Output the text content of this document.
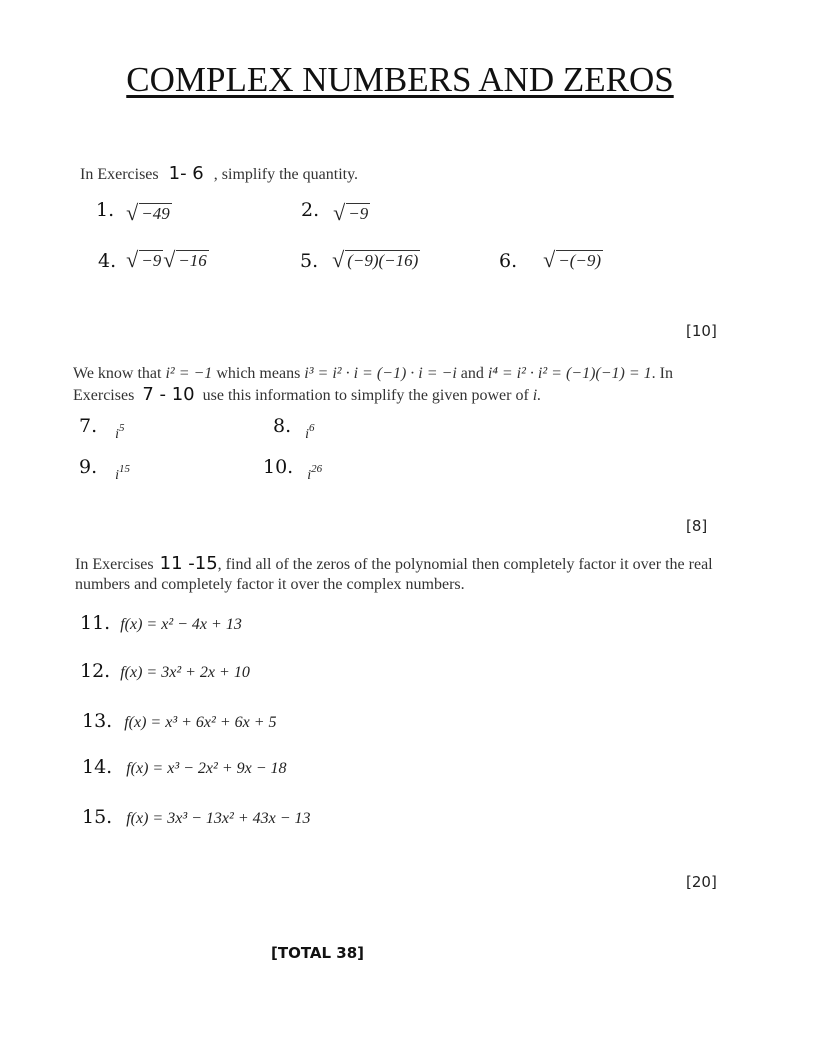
COMPLEX NUMBERS AND ZEROS
In Exercises 1- 6 , simplify the quantity.
1. √ −49	2. √ −9
4. √ −9 √ −16	5. √ (−9)(−16)	6. √ −(−9)
[10]
We know that i² = −1 which means i³ = i² · i = (−1) · i = −i and i⁴ = i² · i² = (−1)(−1) = 1. In
Exercises 7 - 10 use this information to simplify the given power of i.
7. $i^5$	8. $i^6$
9. $i^{15}$	10. $i^{26}$
[8]
In Exercises 11 -15, find all of the zeros of the polynomial then completely factor it over the real
numbers and completely factor it over the complex numbers.
11. f(x) = x² − 4x + 13
12. f(x) = 3x² + 2x + 10
13. f(x) = x³ + 6x² + 6x + 5
14. f(x) = x³ − 2x² + 9x − 18
15. f(x) = 3x³ − 13x² + 43x − 13
[20]
[TOTAL 38]
